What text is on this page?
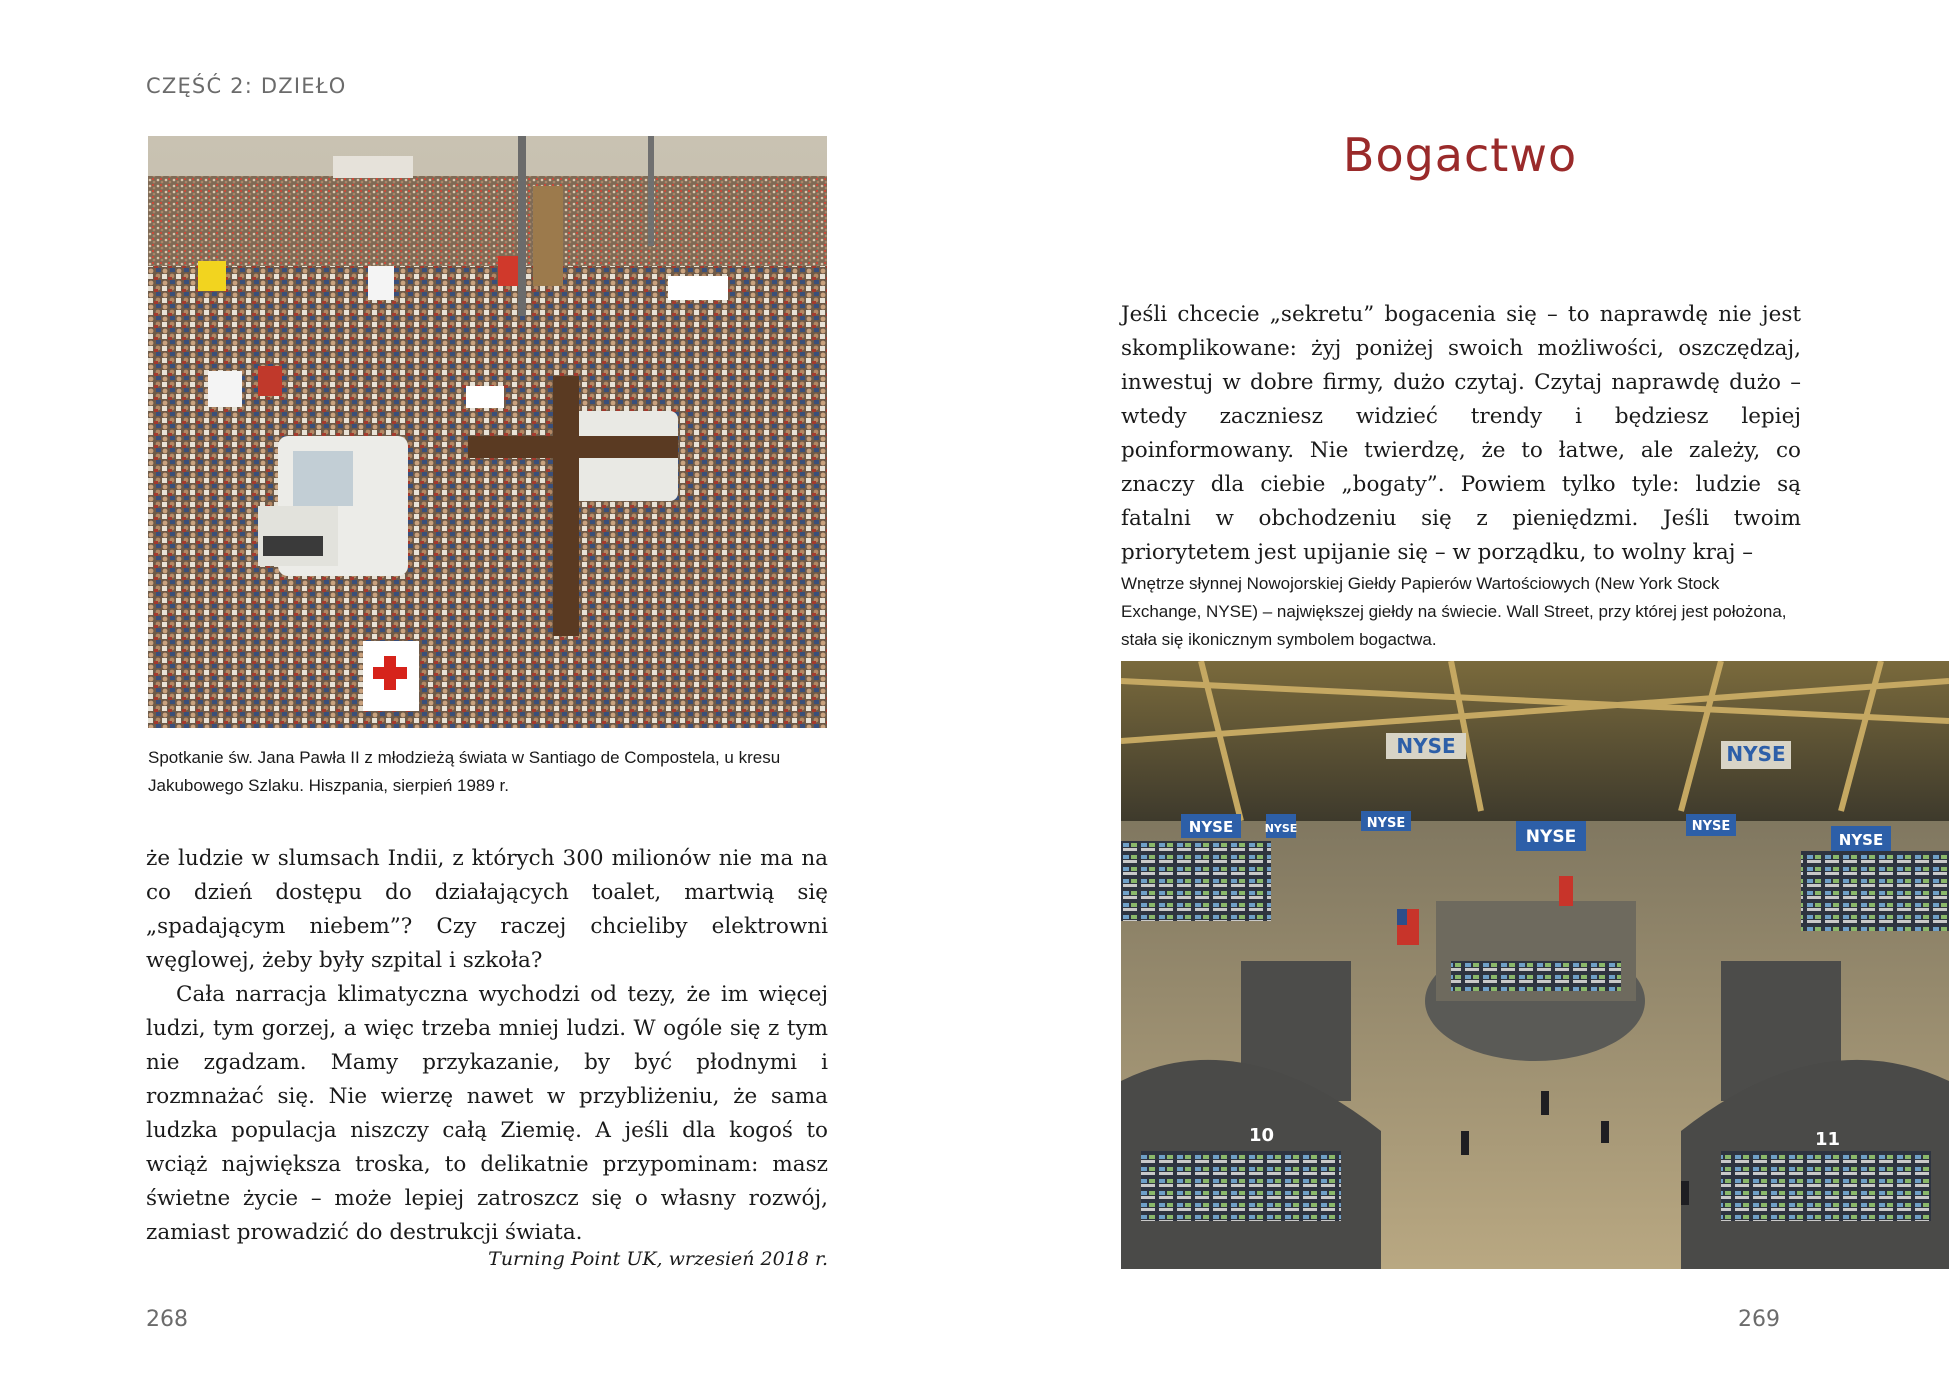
CZĘŚĆ 2: DZIEŁO
Spotkanie św. Jana Pawła II z młodzieżą świata w Santiago de Compostela, u kresu Jakubowego Szlaku. Hiszpania, sierpień 1989 r.

że ludzie w slumsach Indii, z których 300 milionów nie ma na co dzień dostępu do działających toalet, martwią się „spadającym niebem”? Czy raczej chcieliby elektrowni węglowej, żeby były szpital i szkoła?

Cała narracja klimatyczna wychodzi od tezy, że im więcej ludzi, tym gorzej, a więc trzeba mniej ludzi. W ogóle się z tym nie zgadzam. Mamy przykazanie, by być płodnymi i rozmnażać się. Nie wierzę nawet w przybliżeniu, że sama ludzka populacja niszczy całą Ziemię. A jeśli dla kogoś to wciąż największa troska, to delikatnie przypominam: masz świetne życie – może lepiej zatroszcz się o własny rozwój, zamiast prowadzić do destrukcji świata.

Turning Point UK, wrzesień 2018 r.
268
Bogactwo

Jeśli chcecie „sekretu” bogacenia się – to naprawdę nie jest skomplikowane: żyj poniżej swoich możliwości, oszczędzaj, inwestuj w dobre firmy, dużo czytaj. Czytaj naprawdę dużo – wtedy zaczniesz widzieć trendy i będziesz lepiej poinformowany. Nie twierdzę, że to łatwe, ale zależy, co znaczy dla ciebie „bogaty”. Powiem tylko tyle: ludzie są fatalni w obchodzeniu się z pieniędzmi. Jeśli twoim priorytetem jest upijanie się – w porządku, to wolny kraj –

Wnętrze słynnej Nowojorskiej Giełdy Papierów Wartościowych (New York Stock Exchange, NYSE) – największej giełdy na świecie. Wall Street, przy której jest położona, stała się ikonicznym symbolem bogactwa.
NYSE	NYSE	NYSE
NYSE
NYSE
NYSE
NYSE	NYSE
10	11
269
